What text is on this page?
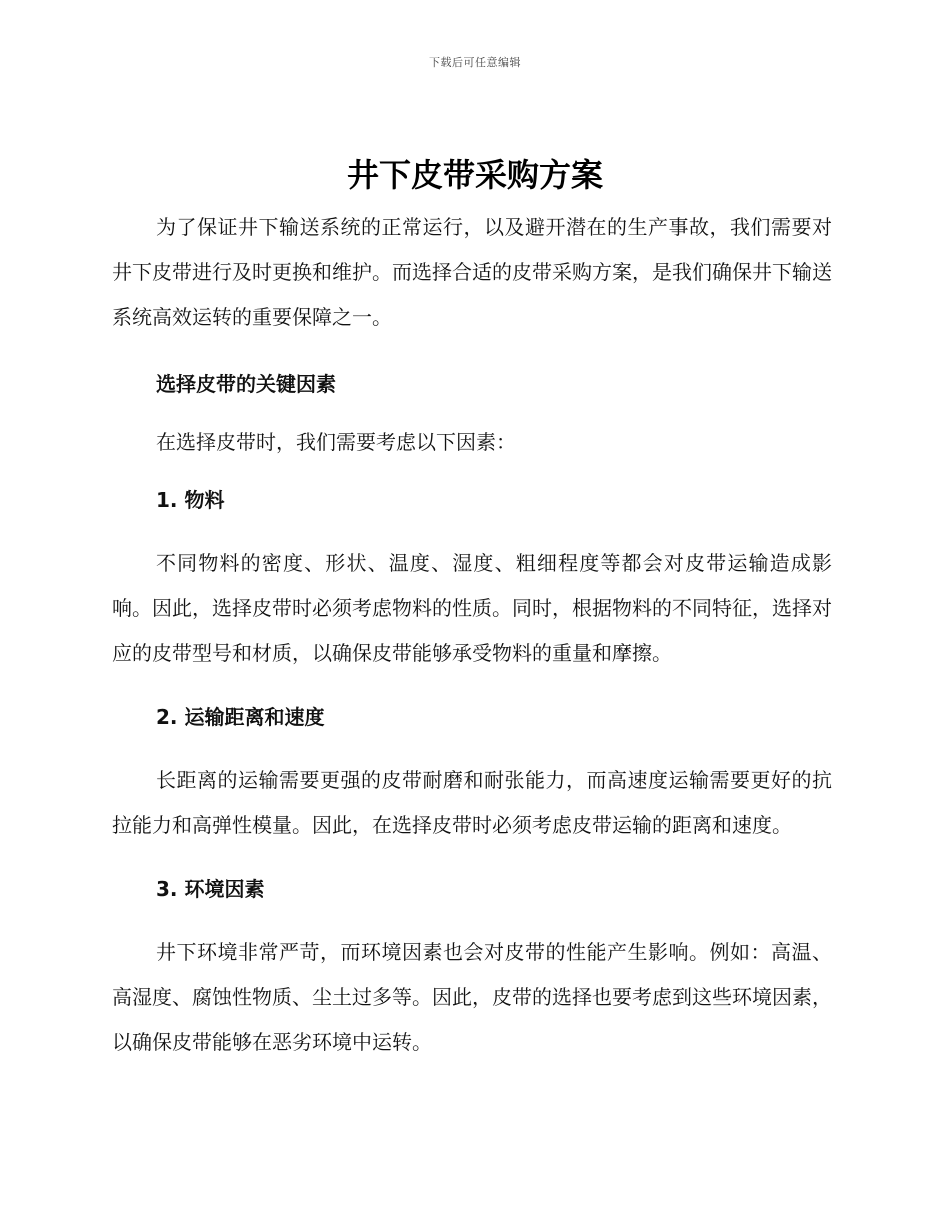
下载后可任意编辑
井下皮带采购方案

为了保证井下输送系统的正常运行，以及避开潜在的生产事故，我们需要对井下皮带进行及时更换和维护。而选择合适的皮带采购方案，是我们确保井下输送系统高效运转的重要保障之一。

选择皮带的关键因素

在选择皮带时，我们需要考虑以下因素：

1. 物料

不同物料的密度、形状、温度、湿度、粗细程度等都会对皮带运输造成影响。因此，选择皮带时必须考虑物料的性质。同时，根据物料的不同特征，选择对应的皮带型号和材质，以确保皮带能够承受物料的重量和摩擦。

2. 运输距离和速度

长距离的运输需要更强的皮带耐磨和耐张能力，而高速度运输需要更好的抗拉能力和高弹性模量。因此，在选择皮带时必须考虑皮带运输的距离和速度。

3. 环境因素

井下环境非常严苛，而环境因素也会对皮带的性能产生影响。例如：高温、高湿度、腐蚀性物质、尘土过多等。因此，皮带的选择也要考虑到这些环境因素，以确保皮带能够在恶劣环境中运转。
